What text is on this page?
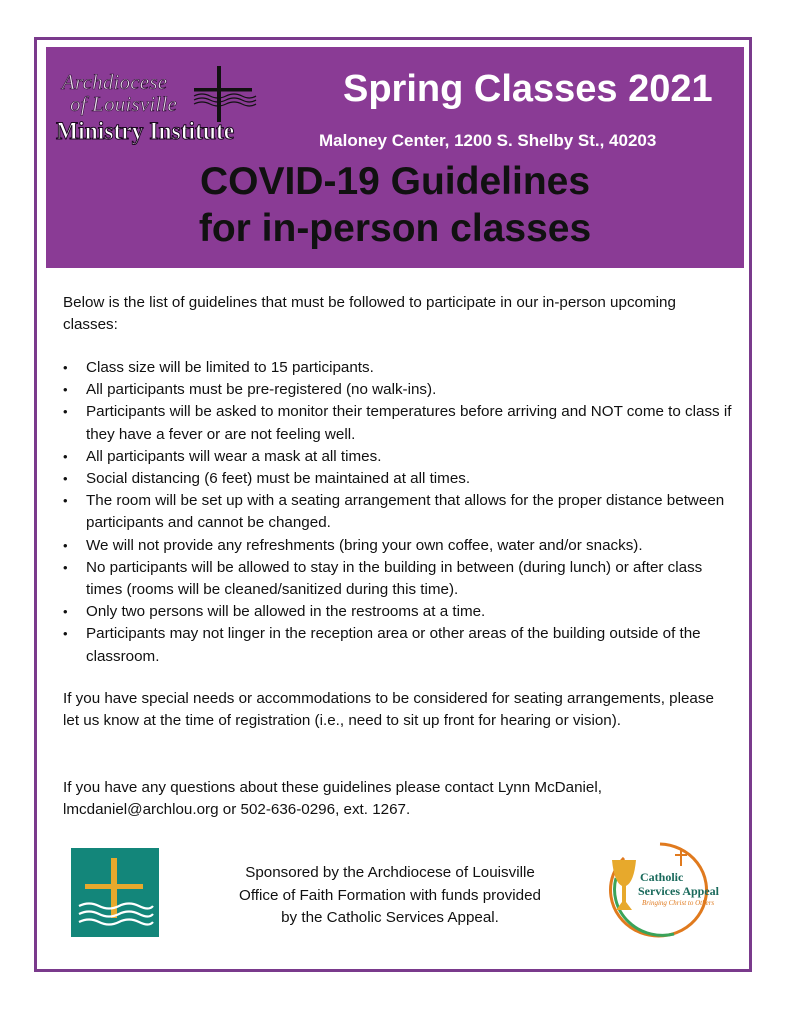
Archdiocese
of Louisville
Ministry Institute
Spring Classes 2021
Maloney Center, 1200 S. Shelby St., 40203
COVID-19 Guidelines
for in-person classes
Below is the list of guidelines that must be followed to participate in our in-person upcoming classes:
• Class size will be limited to 15 participants.
• All participants must be pre-registered (no walk-ins).
• Participants will be asked to monitor their temperatures before arriving and NOT come to class if they have a fever or are not feeling well.
• All participants will wear a mask at all times.
• Social distancing (6 feet) must be maintained at all times.
• The room will be set up with a seating arrangement that allows for the proper distance between participants and cannot be changed.
• We will not provide any refreshments (bring your own coffee, water and/or snacks).
• No participants will be allowed to stay in the building in between (during lunch) or after class times (rooms will be cleaned/sanitized during this time).
• Only two persons will be allowed in the restrooms at a time.
• Participants may not linger in the reception area or other areas of the building outside of the classroom.
If you have special needs or accommodations to be considered for seating arrangements, please let us know at the time of registration (i.e., need to sit up front for hearing or vision).
If you have any questions about these guidelines please contact Lynn McDaniel, lmcdaniel@archlou.org or 502-636-0296, ext. 1267.
Sponsored by the Archdiocese of Louisville
Office of Faith Formation with funds provided
by the Catholic Services Appeal.
Catholic
Services Appeal
Bringing Christ to Others
